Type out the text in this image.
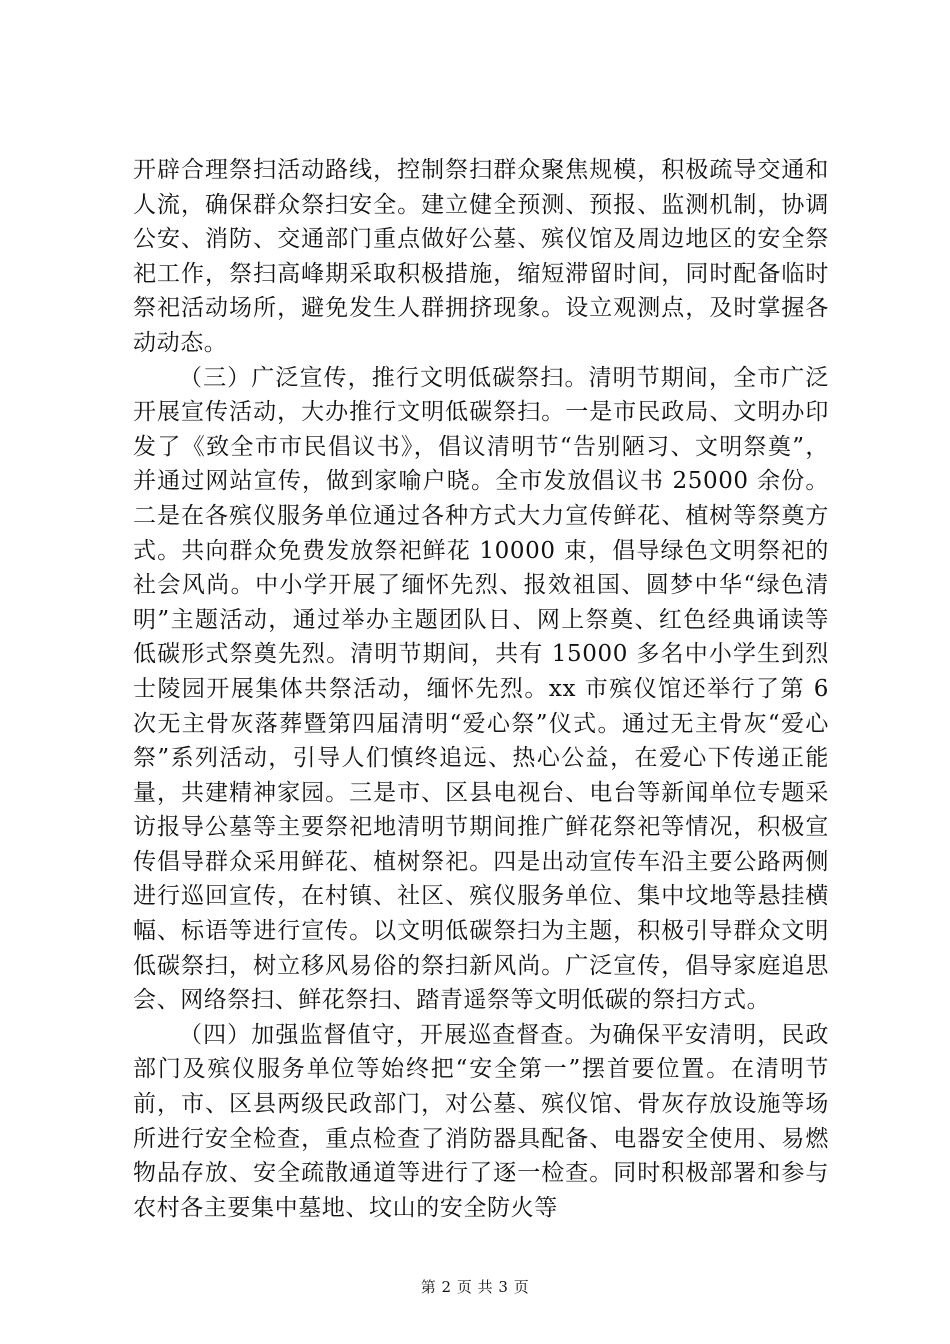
开辟合理祭扫活动路线，控制祭扫群众聚焦规模，积极疏导交通和人流，确保群众祭扫安全。建立健全预测、预报、监测机制，协调公安、消防、交通部门重点做好公墓、殡仪馆及周边地区的安全祭祀工作，祭扫高峰期采取积极措施，缩短滞留时间，同时配备临时祭祀活动场所，避免发生人群拥挤现象。设立观测点，及时掌握各动动态。

（三）广泛宣传，推行文明低碳祭扫。清明节期间，全市广泛开展宣传活动，大办推行文明低碳祭扫。一是市民政局、文明办印发了《致全市市民倡议书》，倡议清明节“告别陋习、文明祭奠”，并通过网站宣传，做到家喻户晓。全市发放倡议书 25000 余份。二是在各殡仪服务单位通过各种方式大力宣传鲜花、植树等祭奠方式。共向群众免费发放祭祀鲜花 10000 束，倡导绿色文明祭祀的社会风尚。中小学开展了缅怀先烈、报效祖国、圆梦中华“绿色清明”主题活动，通过举办主题团队日、网上祭奠、红色经典诵读等低碳形式祭奠先烈。清明节期间，共有 15000 多名中小学生到烈士陵园开展集体共祭活动，缅怀先烈。xx 市殡仪馆还举行了第 6 次无主骨灰落葬暨第四届清明“爱心祭”仪式。通过无主骨灰“爱心祭”系列活动，引导人们慎终追远、热心公益，在爱心下传递正能量，共建精神家园。三是市、区县电视台、电台等新闻单位专题采访报导公墓等主要祭祀地清明节期间推广鲜花祭祀等情况，积极宣传倡导群众采用鲜花、植树祭祀。四是出动宣传车沿主要公路两侧进行巡回宣传，在村镇、社区、殡仪服务单位、集中坟地等悬挂横幅、标语等进行宣传。以文明低碳祭扫为主题，积极引导群众文明低碳祭扫，树立移风易俗的祭扫新风尚。广泛宣传，倡导家庭追思会、网络祭扫、鲜花祭扫、踏青遥祭等文明低碳的祭扫方式。

（四）加强监督值守，开展巡查督查。为确保平安清明，民政部门及殡仪服务单位等始终把“安全第一”摆首要位置。在清明节前，市、区县两级民政部门，对公墓、殡仪馆、骨灰存放设施等场所进行安全检查，重点检查了消防器具配备、电器安全使用、易燃物品存放、安全疏散通道等进行了逐一检查。同时积极部署和参与农村各主要集中墓地、坟山的安全防火等

第 2 页 共 3 页
